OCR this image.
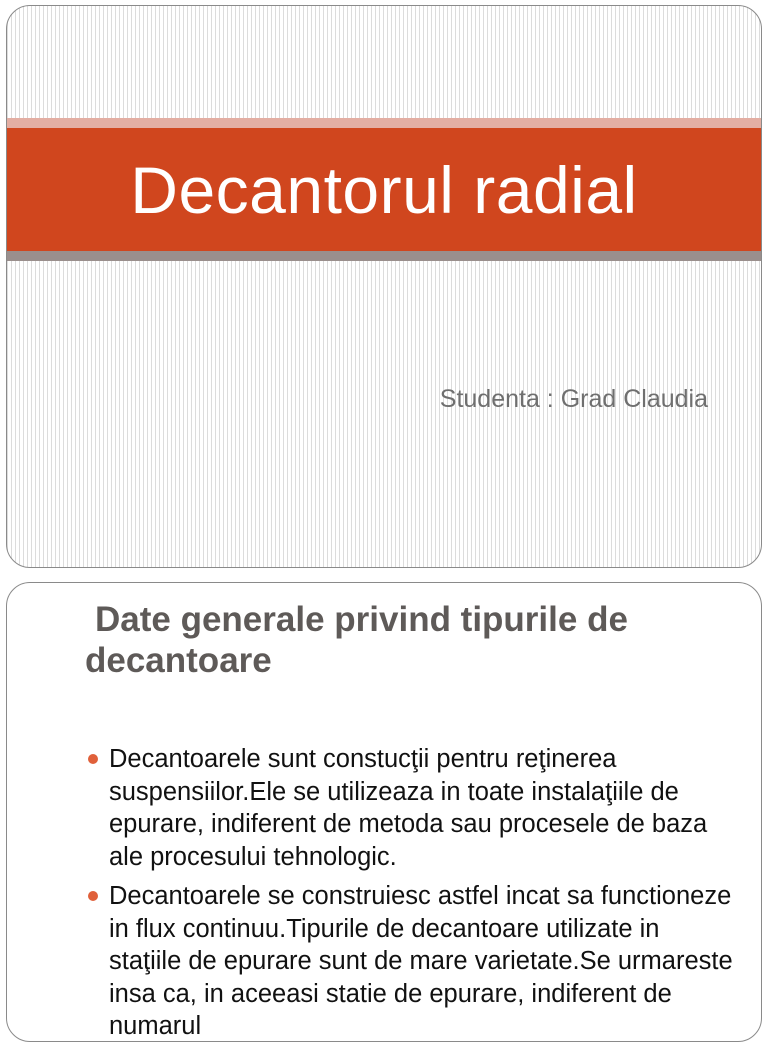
Decantorul radial
Studenta : Grad Claudia
Date generale privind tipurile de decantoare
Decantoarele sunt constucţii pentru reţinerea suspensiilor.Ele se utilizeaza in toate instalaţiile de epurare, indiferent de metoda sau procesele de baza ale procesului tehnologic.
Decantoarele se construiesc astfel incat sa functioneze in flux continuu.Tipurile de decantoare utilizate in staţiile de epurare sunt de mare varietate.Se urmareste insa ca, in aceeasi statie de epurare, indiferent de numarul
